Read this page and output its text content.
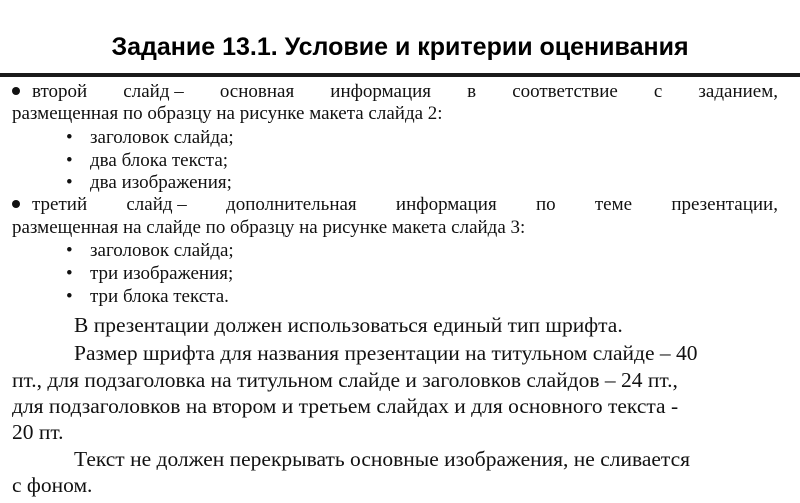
Задание 13.1. Условие и критерии оценивания
второй слайд – основная информация в соответствие с заданием,
размещенная по образцу на рисунке макета слайда 2:
• заголовок слайда;
• два блока текста;
• два изображения;
третий слайд – дополнительная информация по теме презентации,
размещенная на слайде по образцу на рисунке макета слайда 3:
• заголовок слайда;
• три изображения;
• три блока текста.
В презентации должен использоваться единый тип шрифта.
Размер шрифта для названия презентации на титульном слайде – 40
пт., для подзаголовка на титульном слайде и заголовков слайдов – 24 пт.,
для подзаголовков на втором и третьем слайдах и для основного текста -
20 пт.
Текст не должен перекрывать основные изображения, не сливается
с фоном.
